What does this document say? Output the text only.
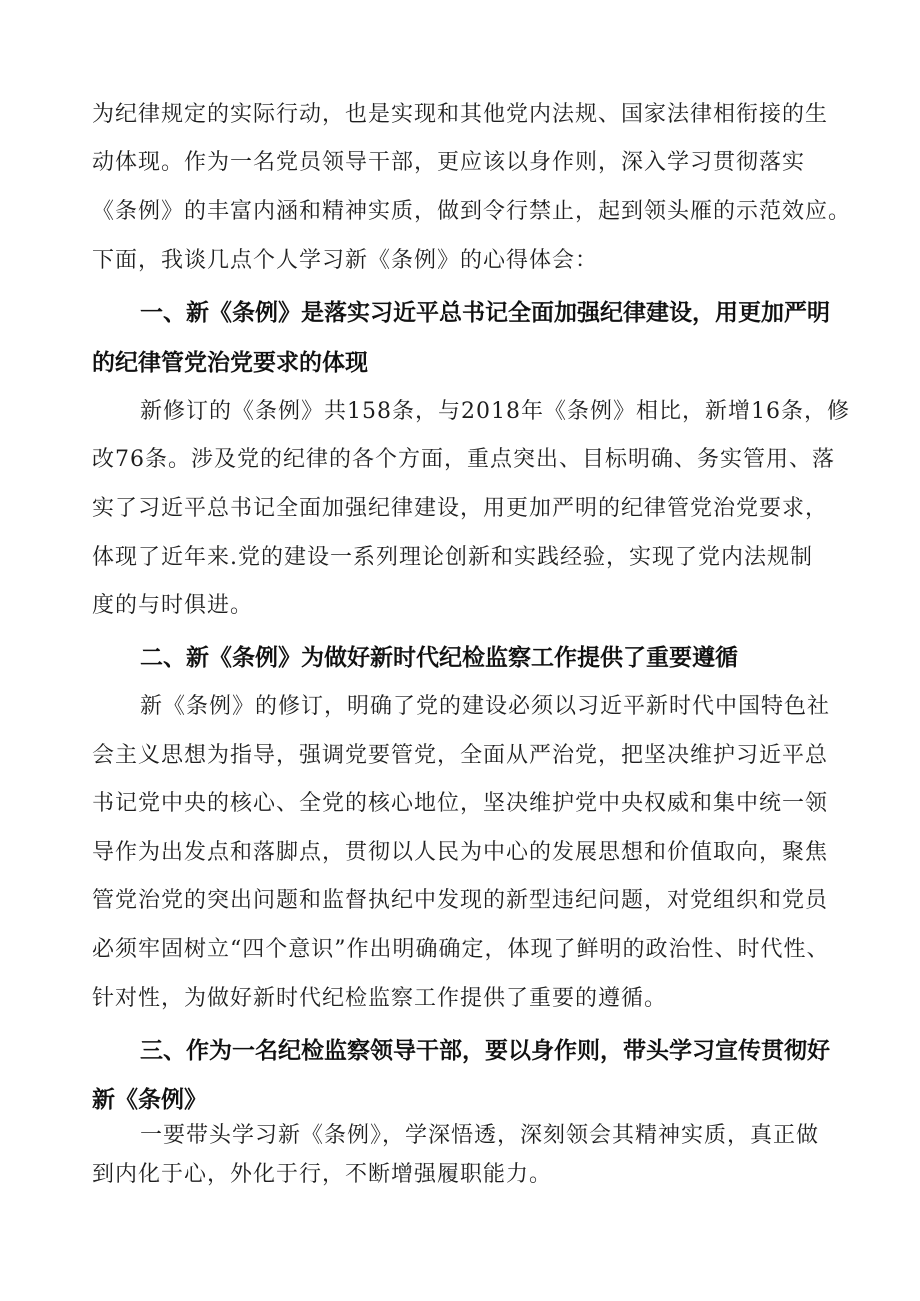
为纪律规定的实际行动，也是实现和其他党内法规、国家法律相衔接的生
动体现。作为一名党员领导干部，更应该以身作则，深入学习贯彻落实
《条例》的丰富内涵和精神实质，做到令行禁止，起到领头雁的示范效应。
下面，我谈几点个人学习新《条例》的心得体会：
一、新《条例》是落实习近平总书记全面加强纪律建设，用更加严明
的纪律管党治党要求的体现
新修订的《条例》共158条，与2018年《条例》相比，新增16条，修
改76条。涉及党的纪律的各个方面，重点突出、目标明确、务实管用、落
实了习近平总书记全面加强纪律建设，用更加严明的纪律管党治党要求，
体现了近年来.党的建设一系列理论创新和实践经验，实现了党内法规制
度的与时俱进。
二、新《条例》为做好新时代纪检监察工作提供了重要遵循
新《条例》的修订，明确了党的建设必须以习近平新时代中国特色社
会主义思想为指导，强调党要管党，全面从严治党，把坚决维护习近平总
书记党中央的核心、全党的核心地位，坚决维护党中央权威和集中统一领
导作为出发点和落脚点，贯彻以人民为中心的发展思想和价值取向，聚焦
管党治党的突出问题和监督执纪中发现的新型违纪问题，对党组织和党员
必须牢固树立“四个意识”作出明确确定，体现了鲜明的政治性、时代性、
针对性，为做好新时代纪检监察工作提供了重要的遵循。
三、作为一名纪检监察领导干部，要以身作则，带头学习宣传贯彻好
新《条例》
一要带头学习新《条例》，学深悟透，深刻领会其精神实质，真正做
到内化于心，外化于行，不断增强履职能力。
